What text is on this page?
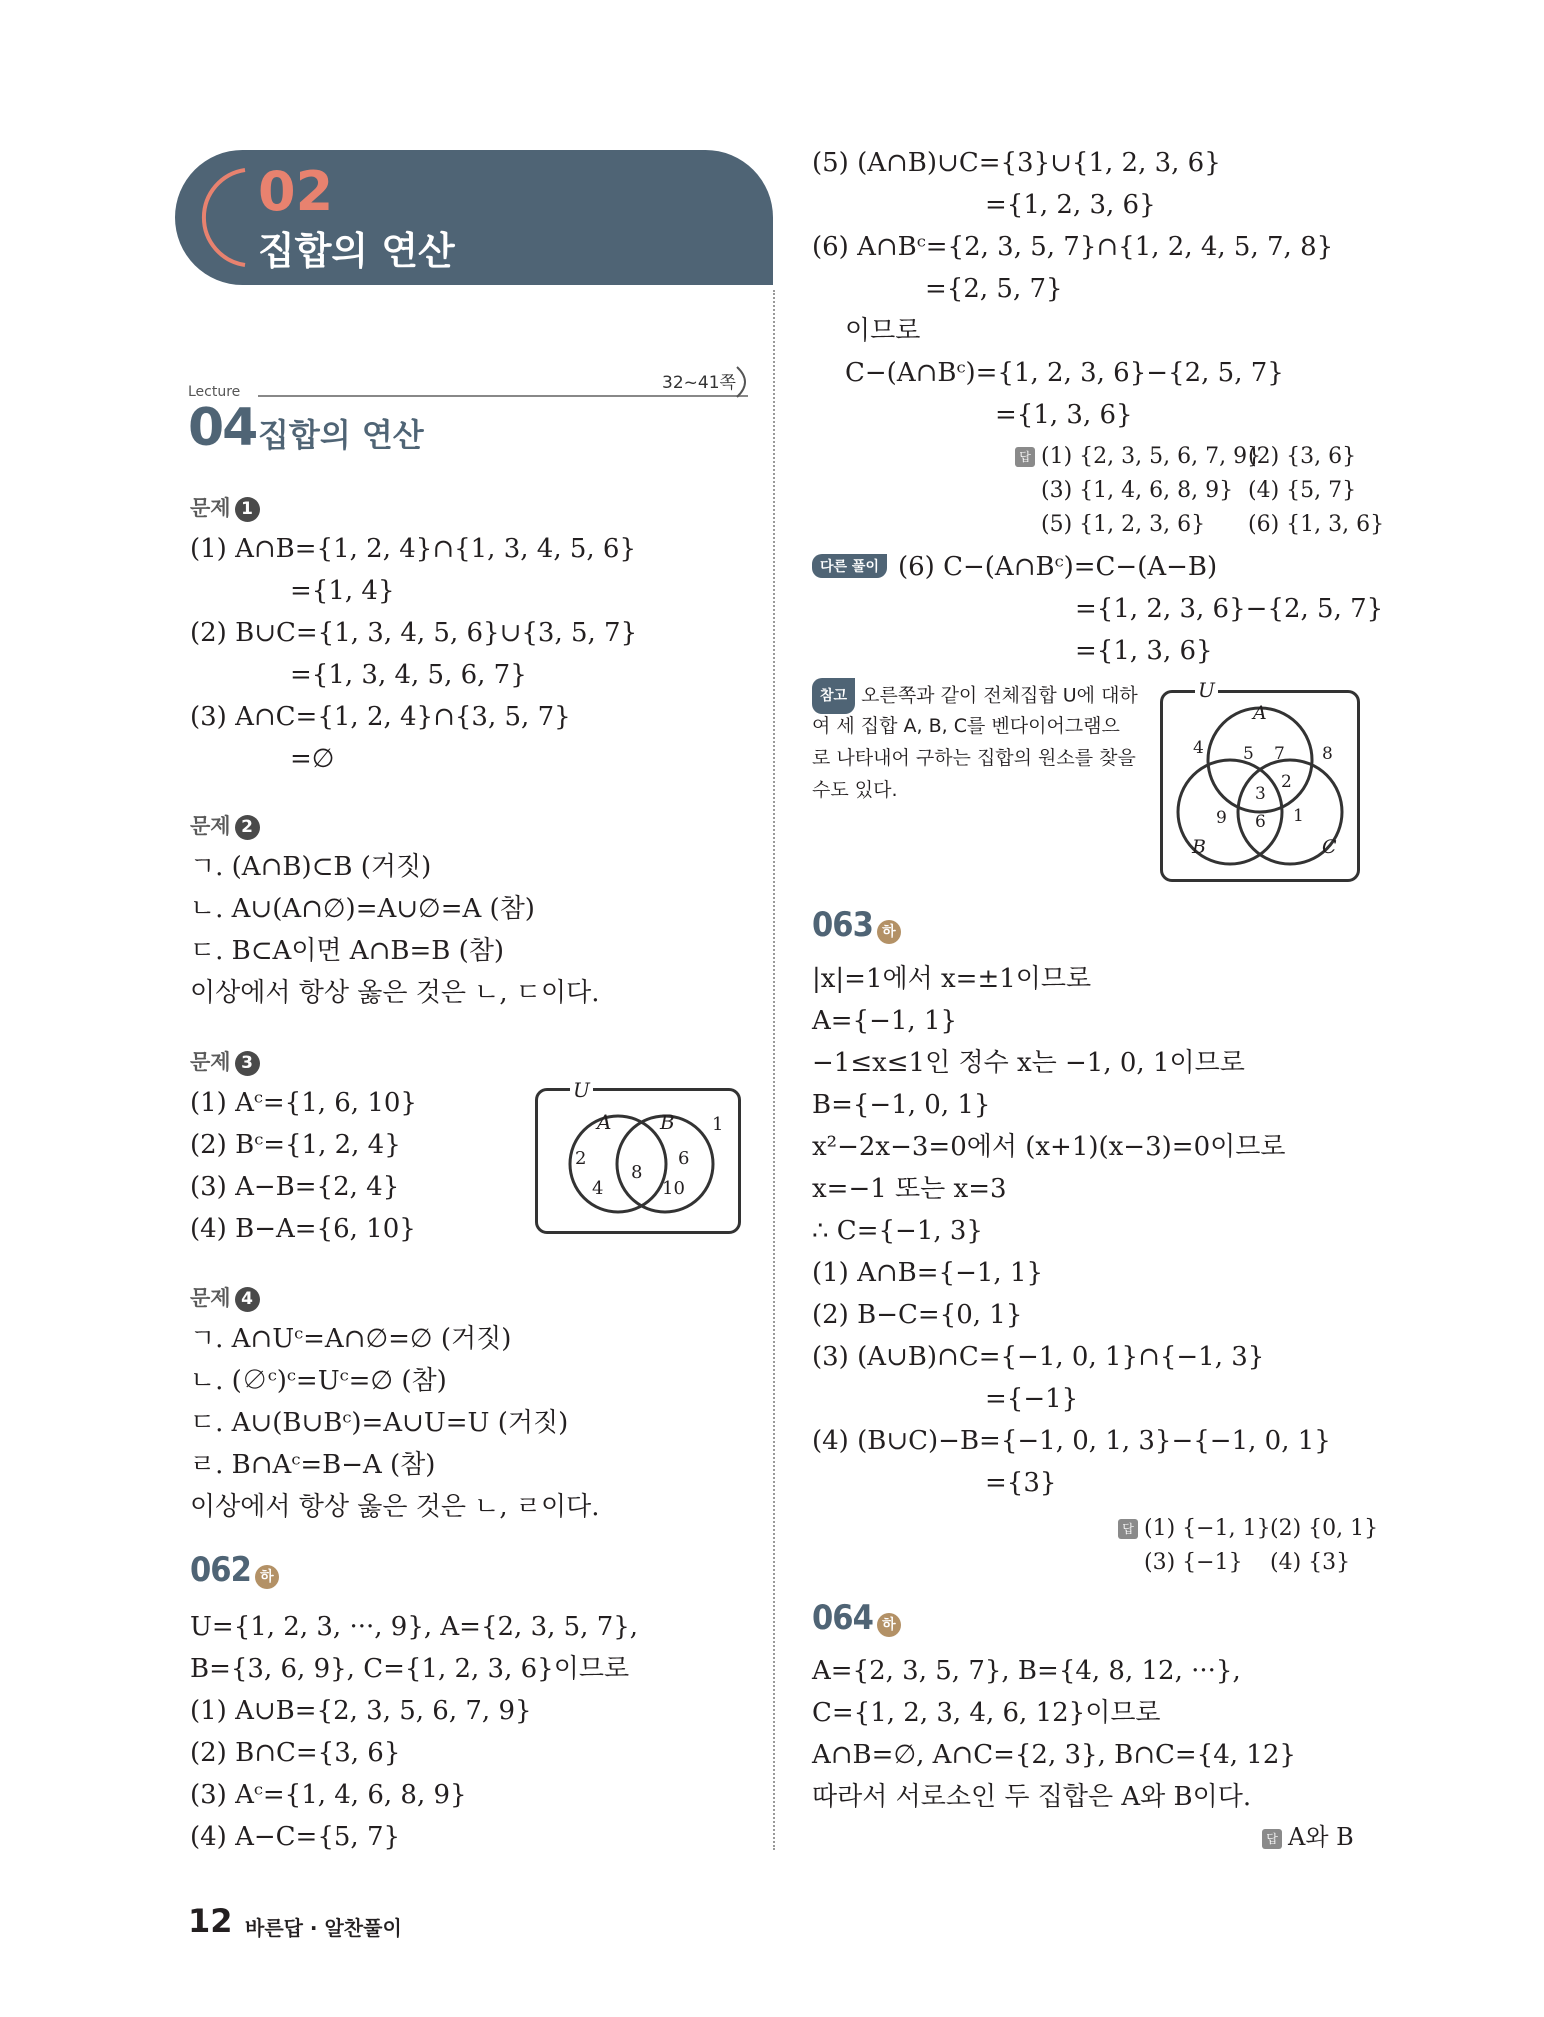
02
집합의 연산
Lecture	32~41쪽
04 집합의 연산
문제 1
(1) A∩B={1, 2, 4}∩{1, 3, 4, 5, 6}
={1, 4}
(2) B∪C={1, 3, 4, 5, 6}∪{3, 5, 7}
={1, 3, 4, 5, 6, 7}
(3) A∩C={1, 2, 4}∩{3, 5, 7}
=∅
문제 2
ㄱ. (A∩B)⊂B (거짓)
ㄴ. A∪(A∩∅)=A∪∅=A (참)
ㄷ. B⊂A이면 A∩B=B (참)
이상에서 항상 옳은 것은 ㄴ, ㄷ이다.
문제 3
(1) Aᶜ={1, 6, 10}
(2) Bᶜ={1, 2, 4}
(3) A−B={2, 4}
(4) B−A={6, 10}
U
A B 1
2
4
8
6
10
문제 4
ㄱ. A∩Uᶜ=A∩∅=∅ (거짓)
ㄴ. (∅ᶜ)ᶜ=Uᶜ=∅ (참)
ㄷ. A∪(B∪Bᶜ)=A∪U=U (거짓)
ㄹ. B∩Aᶜ=B−A (참)
이상에서 항상 옳은 것은 ㄴ, ㄹ이다.
062 하
U={1, 2, 3, ···, 9}, A={2, 3, 5, 7},
B={3, 6, 9}, C={1, 2, 3, 6}이므로
(1) A∪B={2, 3, 5, 6, 7, 9}
(2) B∩C={3, 6}
(3) Aᶜ={1, 4, 6, 8, 9}
(4) A−C={5, 7}
(5) (A∩B)∪C={3}∪{1, 2, 3, 6}
={1, 2, 3, 6}
(6) A∩Bᶜ={2, 3, 5, 7}∩{1, 2, 4, 5, 7, 8}
={2, 5, 7}
이므로
C−(A∩Bᶜ)={1, 2, 3, 6}−{2, 5, 7}
={1, 3, 6}
답 (1) {2, 3, 5, 6, 7, 9}
(2) {3, 6}
(3) {1, 4, 6, 8, 9} (4) {5, 7}
(5) {1, 2, 3, 6} (6) {1, 3, 6}
다른 풀이 (6) C−(A∩Bᶜ)=C−(A−B)
={1, 2, 3, 6}−{2, 5, 7}
={1, 3, 6}
참고 오른쪽과 같이 전체집합 U에 대하
여 세 집합 A, B, C를 벤다이어그램으
로 나타내어 구하는 집합의 원소를 찾을
수도 있다.
U
A
B	C
4 5 7 8
3
2
9 6 1
063 하
|x|=1에서 x=±1이므로
A={−1, 1}
−1≤x≤1인 정수 x는 −1, 0, 1이므로
B={−1, 0, 1}
x²−2x−3=0에서 (x+1)(x−3)=0이므로
x=−1 또는 x=3
∴ C={−1, 3}
(1) A∩B={−1, 1}
(2) B−C={0, 1}
(3) (A∪B)∩C={−1, 0, 1}∩{−1, 3}
={−1}
(4) (B∪C)−B={−1, 0, 1, 3}−{−1, 0, 1}
={3}
답 (1) {−1, 1} (2) {0, 1}
(3) {−1} (4) {3}
064 하
A={2, 3, 5, 7}, B={4, 8, 12, ···},
C={1, 2, 3, 4, 6, 12}이므로
A∩B=∅, A∩C={2, 3}, B∩C={4, 12}
따라서 서로소인 두 집합은 A와 B이다.
답 A와 B
12 바른답 · 알찬풀이
